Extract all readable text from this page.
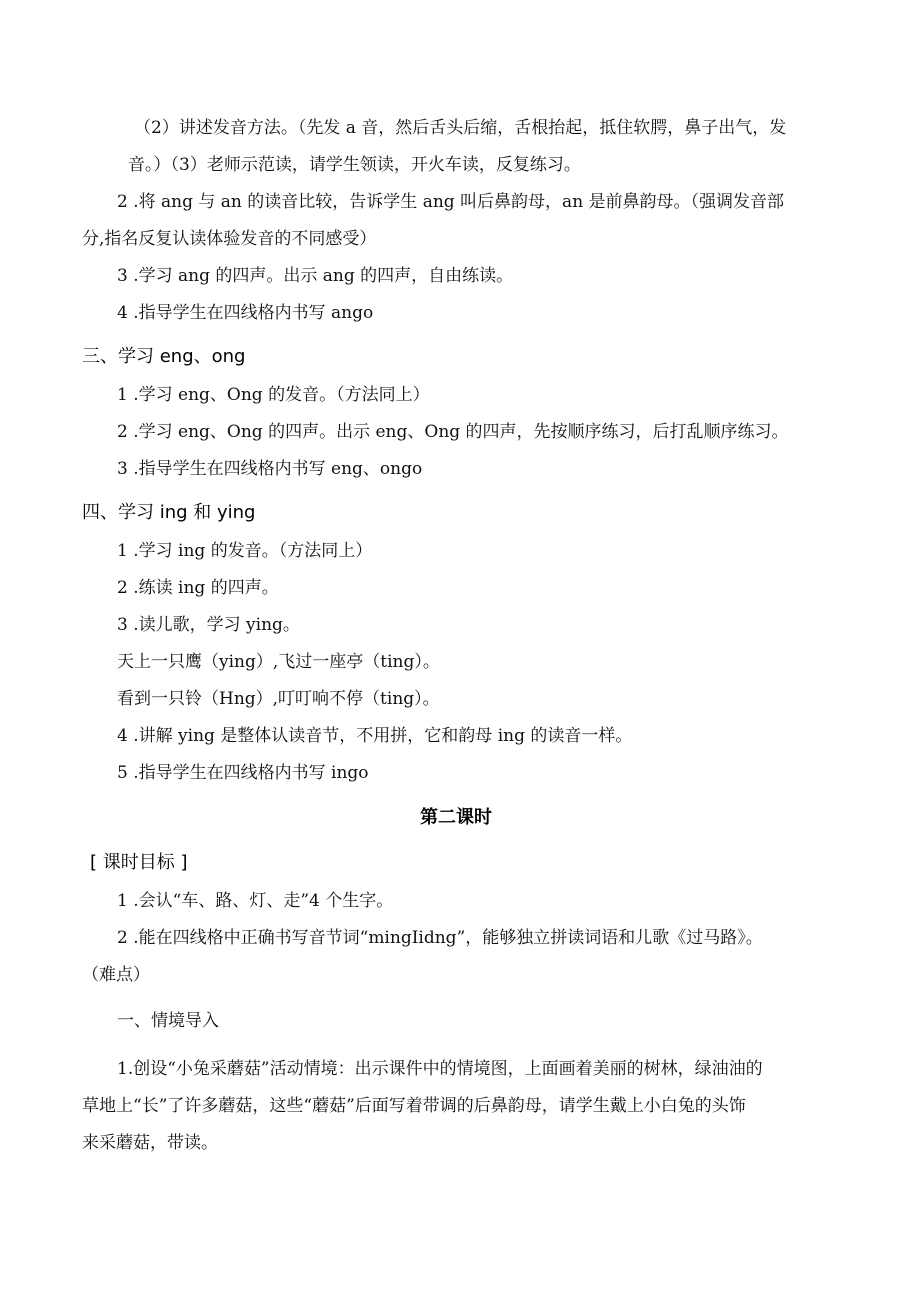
（2）讲述发音方法。（先发 a 音，然后舌头后缩，舌根抬起，抵住软腭，鼻子出气，发
音。）（3）老师示范读，请学生领读，开火车读，反复练习。
2 .将 ang 与 an 的读音比较，告诉学生 ang 叫后鼻韵母，an 是前鼻韵母。（强调发音部
分,指名反复认读体验发音的不同感受）
3 .学习 ang 的四声。出示 ang 的四声，自由练读。
4 .指导学生在四线格内书写 ango
三、学习 eng、ong
1 .学习 eng、Ong 的发音。（方法同上）
2 .学习 eng、Ong 的四声。出示 eng、Ong 的四声，先按顺序练习，后打乱顺序练习。
3 .指导学生在四线格内书写 eng、ongo
四、学习 ing 和 ying
1 .学习 ing 的发音。（方法同上）
2 .练读 ing 的四声。
3 .读儿歌，学习 ying。
天上一只鹰（ying）,飞过一座亭（ting）。
看到一只铃（Hng）,叮叮响不停（ting）。
4 .讲解 ying 是整体认读音节，不用拼，它和韵母 ing 的读音一样。
5 .指导学生在四线格内书写 ingo
第二课时
[ 课时目标 ]
1 .会认“车、路、灯、走”4 个生字。
2 .能在四线格中正确书写音节词“mingIidng”，能够独立拼读词语和儿歌《过马路》。
（难点）
一、情境导入
1.创设“小兔采蘑菇”活动情境：出示课件中的情境图，上面画着美丽的树林，绿油油的
草地上“长”了许多蘑菇，这些“蘑菇”后面写着带调的后鼻韵母，请学生戴上小白兔的头饰
来采蘑菇，带读。
